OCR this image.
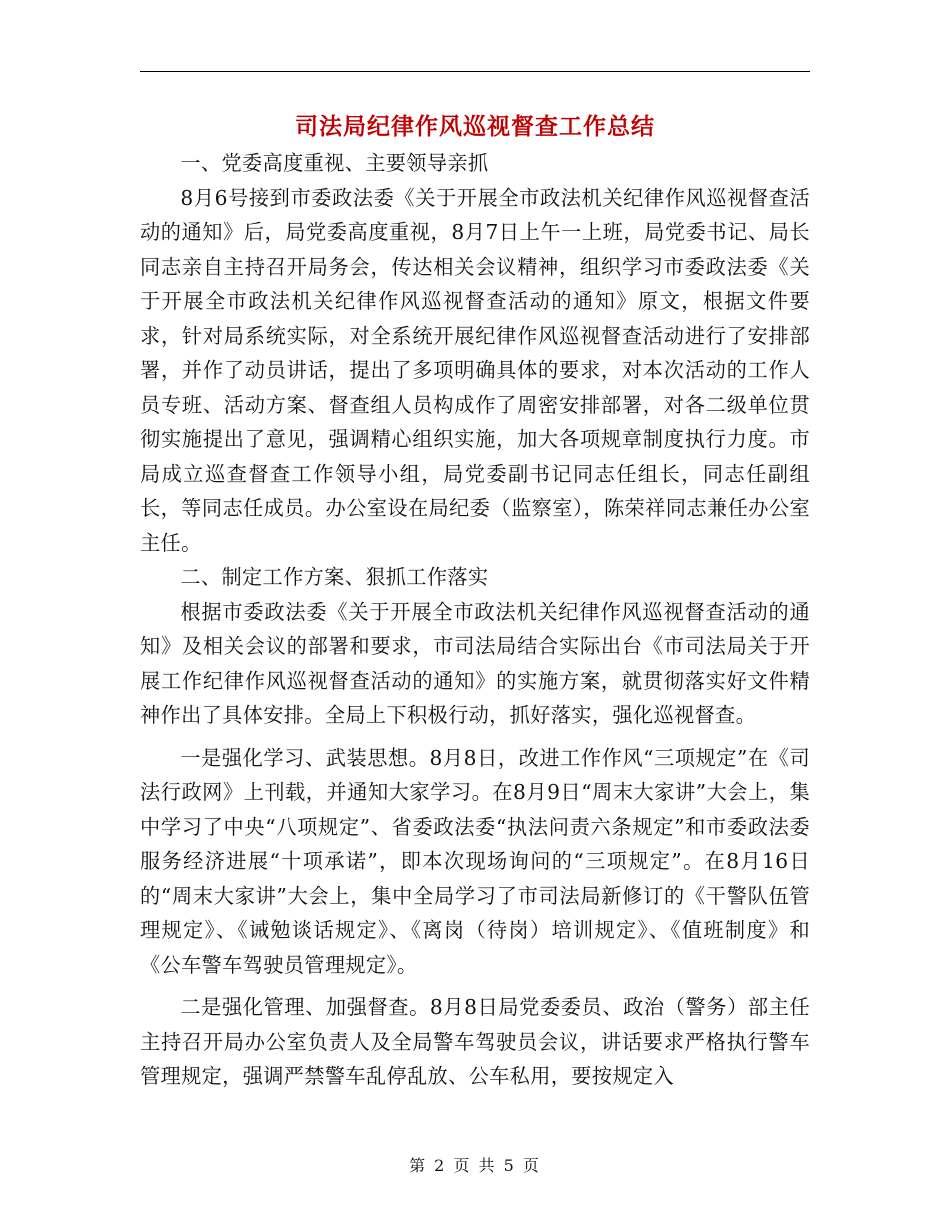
司法局纪律作风巡视督查工作总结

一、党委高度重视、主要领导亲抓

8月6号接到市委政法委《关于开展全市政法机关纪律作风巡视督查活动的通知》后，局党委高度重视，8月7日上午一上班，局党委书记、局长同志亲自主持召开局务会，传达相关会议精神，组织学习市委政法委《关于开展全市政法机关纪律作风巡视督查活动的通知》原文，根据文件要求，针对局系统实际，对全系统开展纪律作风巡视督查活动进行了安排部署，并作了动员讲话，提出了多项明确具体的要求，对本次活动的工作人员专班、活动方案、督查组人员构成作了周密安排部署，对各二级单位贯彻实施提出了意见，强调精心组织实施，加大各项规章制度执行力度。市局成立巡查督查工作领导小组，局党委副书记同志任组长，同志任副组长，等同志任成员。办公室设在局纪委（监察室），陈荣祥同志兼任办公室主任。

二、制定工作方案、狠抓工作落实

根据市委政法委《关于开展全市政法机关纪律作风巡视督查活动的通知》及相关会议的部署和要求，市司法局结合实际出台《市司法局关于开展工作纪律作风巡视督查活动的通知》的实施方案，就贯彻落实好文件精神作出了具体安排。全局上下积极行动，抓好落实，强化巡视督查。

一是强化学习、武装思想。8月8日，改进工作作风“三项规定”在《司法行政网》上刊载，并通知大家学习。在8月9日“周末大家讲”大会上，集中学习了中央“八项规定”、省委政法委“执法问责六条规定”和市委政法委服务经济进展“十项承诺”，即本次现场询问的“三项规定”。在8月16日的“周末大家讲”大会上，集中全局学习了市司法局新修订的《干警队伍管理规定》、《诫勉谈话规定》、《离岗（待岗）培训规定》、《值班制度》和《公车警车驾驶员管理规定》。

二是强化管理、加强督查。8月8日局党委委员、政治（警务）部主任主持召开局办公室负责人及全局警车驾驶员会议，讲话要求严格执行警车管理规定，强调严禁警车乱停乱放、公车私用，要按规定入

第 2 页 共 5 页
